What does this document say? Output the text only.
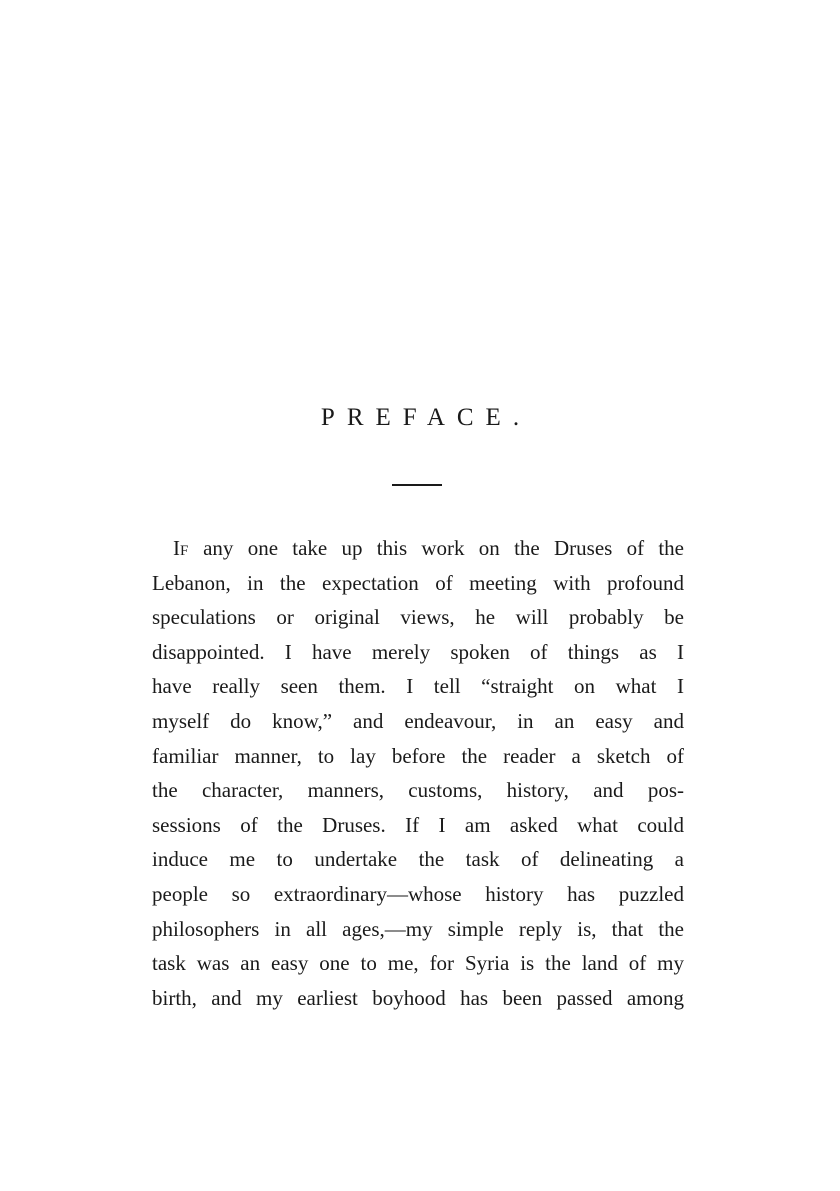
PREFACE.
IF any one take up this work on the Druses of the
Lebanon, in the expectation of meeting with profound
speculations or original views, he will probably be
disappointed. I have merely spoken of things as I
have really seen them. I tell “straight on what I
myself do know,” and endeavour, in an easy and
familiar manner, to lay before the reader a sketch of
the character, manners, customs, history, and pos-
sessions of the Druses. If I am asked what could
induce me to undertake the task of delineating a
people so extraordinary—whose history has puzzled
philosophers in all ages,—my simple reply is, that the
task was an easy one to me, for Syria is the land of my
birth, and my earliest boyhood has been passed among
